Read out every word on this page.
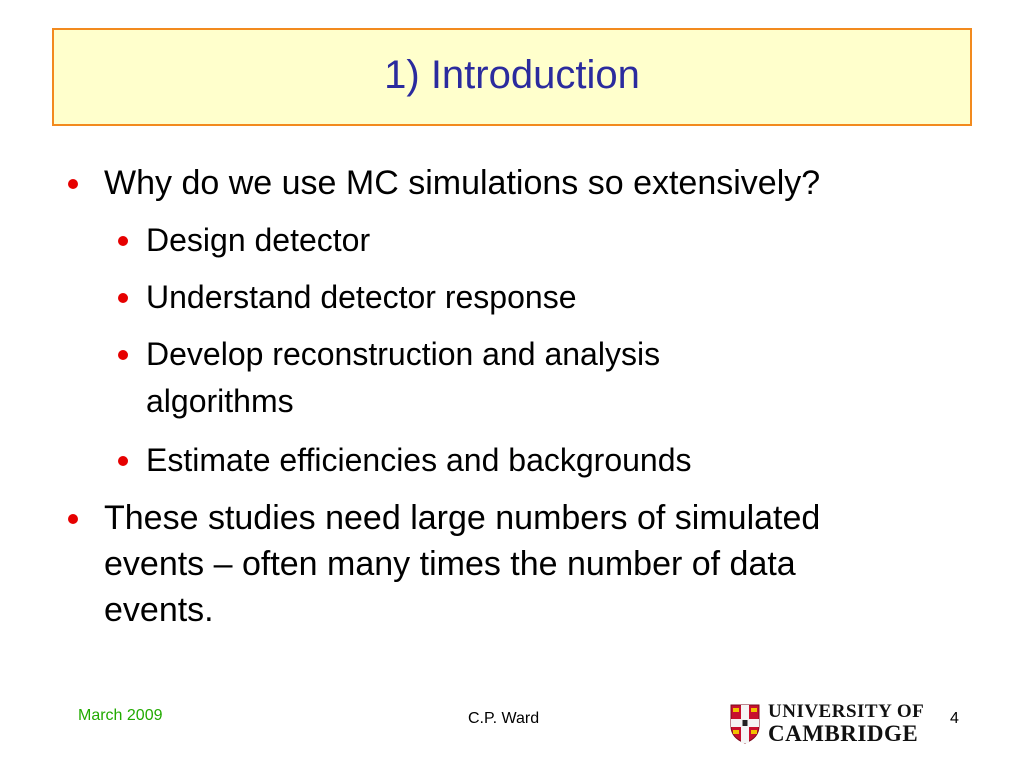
1) Introduction
Why do we use MC simulations so extensively?
Design detector
Understand detector response
Develop reconstruction and analysis
algorithms
Estimate efficiencies and backgrounds
These studies need large numbers of simulated
events – often many times the number of data
events.
March 2009	C.P. Ward	UNIVERSITY OF
CAMBRIDGE
4
